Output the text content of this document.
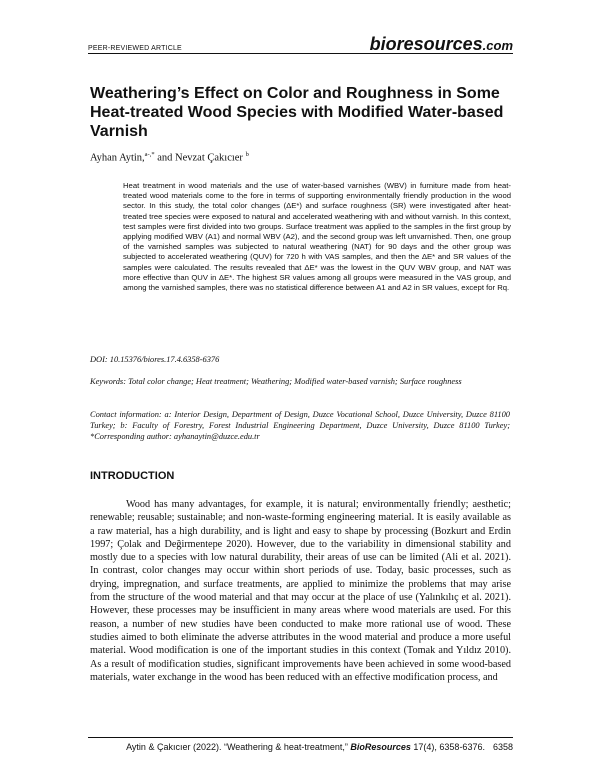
PEER-REVIEWED ARTICLE	bioresources.com
Weathering’s Effect on Color and Roughness in Some Heat-treated Wood Species with Modified Water-based Varnish
Ayhan Aytin,$^{a-,*}$ and Nevzat Çakıcıer $^b$
Heat treatment in wood materials and the use of water-based varnishes (WBV) in furniture made from heat-treated wood materials come to the fore in terms of supporting environmentally friendly production in the wood sector. In this study, the total color changes (ΔE*) and surface roughness (SR) were investigated after heat-treated tree species were exposed to natural and accelerated weathering with and without varnish. In this context, test samples were first divided into two groups. Surface treatment was applied to the samples in the first group by applying modified WBV (A1) and normal WBV (A2), and the second group was left unvarnished. Then, one group of the varnished samples was subjected to natural weathering (NAT) for 90 days and the other group was subjected to accelerated weathering (QUV) for 720 h with VAS samples, and then the ΔE* and SR values of the samples were calculated. The results revealed that ΔE* was the lowest in the QUV WBV group, and NAT was more effective than QUV in ΔE*. The highest SR values among all groups were measured in the VAS group, and among the varnished samples, there was no statistical difference between A1 and A2 in SR values, except for Rq.
DOI: 10.15376/biores.17.4.6358-6376
Keywords: Total color change; Heat treatment; Weathering; Modified water-based varnish; Surface roughness
Contact information: a: Interior Design, Department of Design, Duzce Vocational School, Duzce University, Duzce 81100 Turkey; b: Faculty of Forestry, Forest Industrial Engineering Department, Duzce University, Duzce 81100 Turkey; *Corresponding author: ayhanaytin@duzce.edu.tr
INTRODUCTION
Wood has many advantages, for example, it is natural; environmentally friendly; aesthetic; renewable; reusable; sustainable; and non-waste-forming engineering material. It is easily available as a raw material, has a high durability, and is light and easy to shape by processing (Bozkurt and Erdin 1997; Çolak and Değirmentepe 2020). However, due to the variability in dimensional stability and mostly due to a species with low natural durability, their areas of use can be limited (Ali et al. 2021). In contrast, color changes may occur within short periods of use. Today, basic processes, such as drying, impregnation, and surface treatments, are applied to minimize the problems that may arise from the structure of the wood material and that may occur at the place of use (Yalınkılıç et al. 2021). However, these processes may be insufficient in many areas where wood materials are used. For this reason, a number of new studies have been conducted to make more rational use of wood. These studies aimed to both eliminate the adverse attributes in the wood material and produce a more useful material. Wood modification is one of the important studies in this context (Tomak and Yıldız 2010). As a result of modification studies, significant improvements have been achieved in some wood-based materials, water exchange in the wood has been reduced with an effective modification process, and
Aytin & Çakıcıer (2022). “Weathering & heat-treatment,” BioResources 17(4), 6358-6376. 6358
